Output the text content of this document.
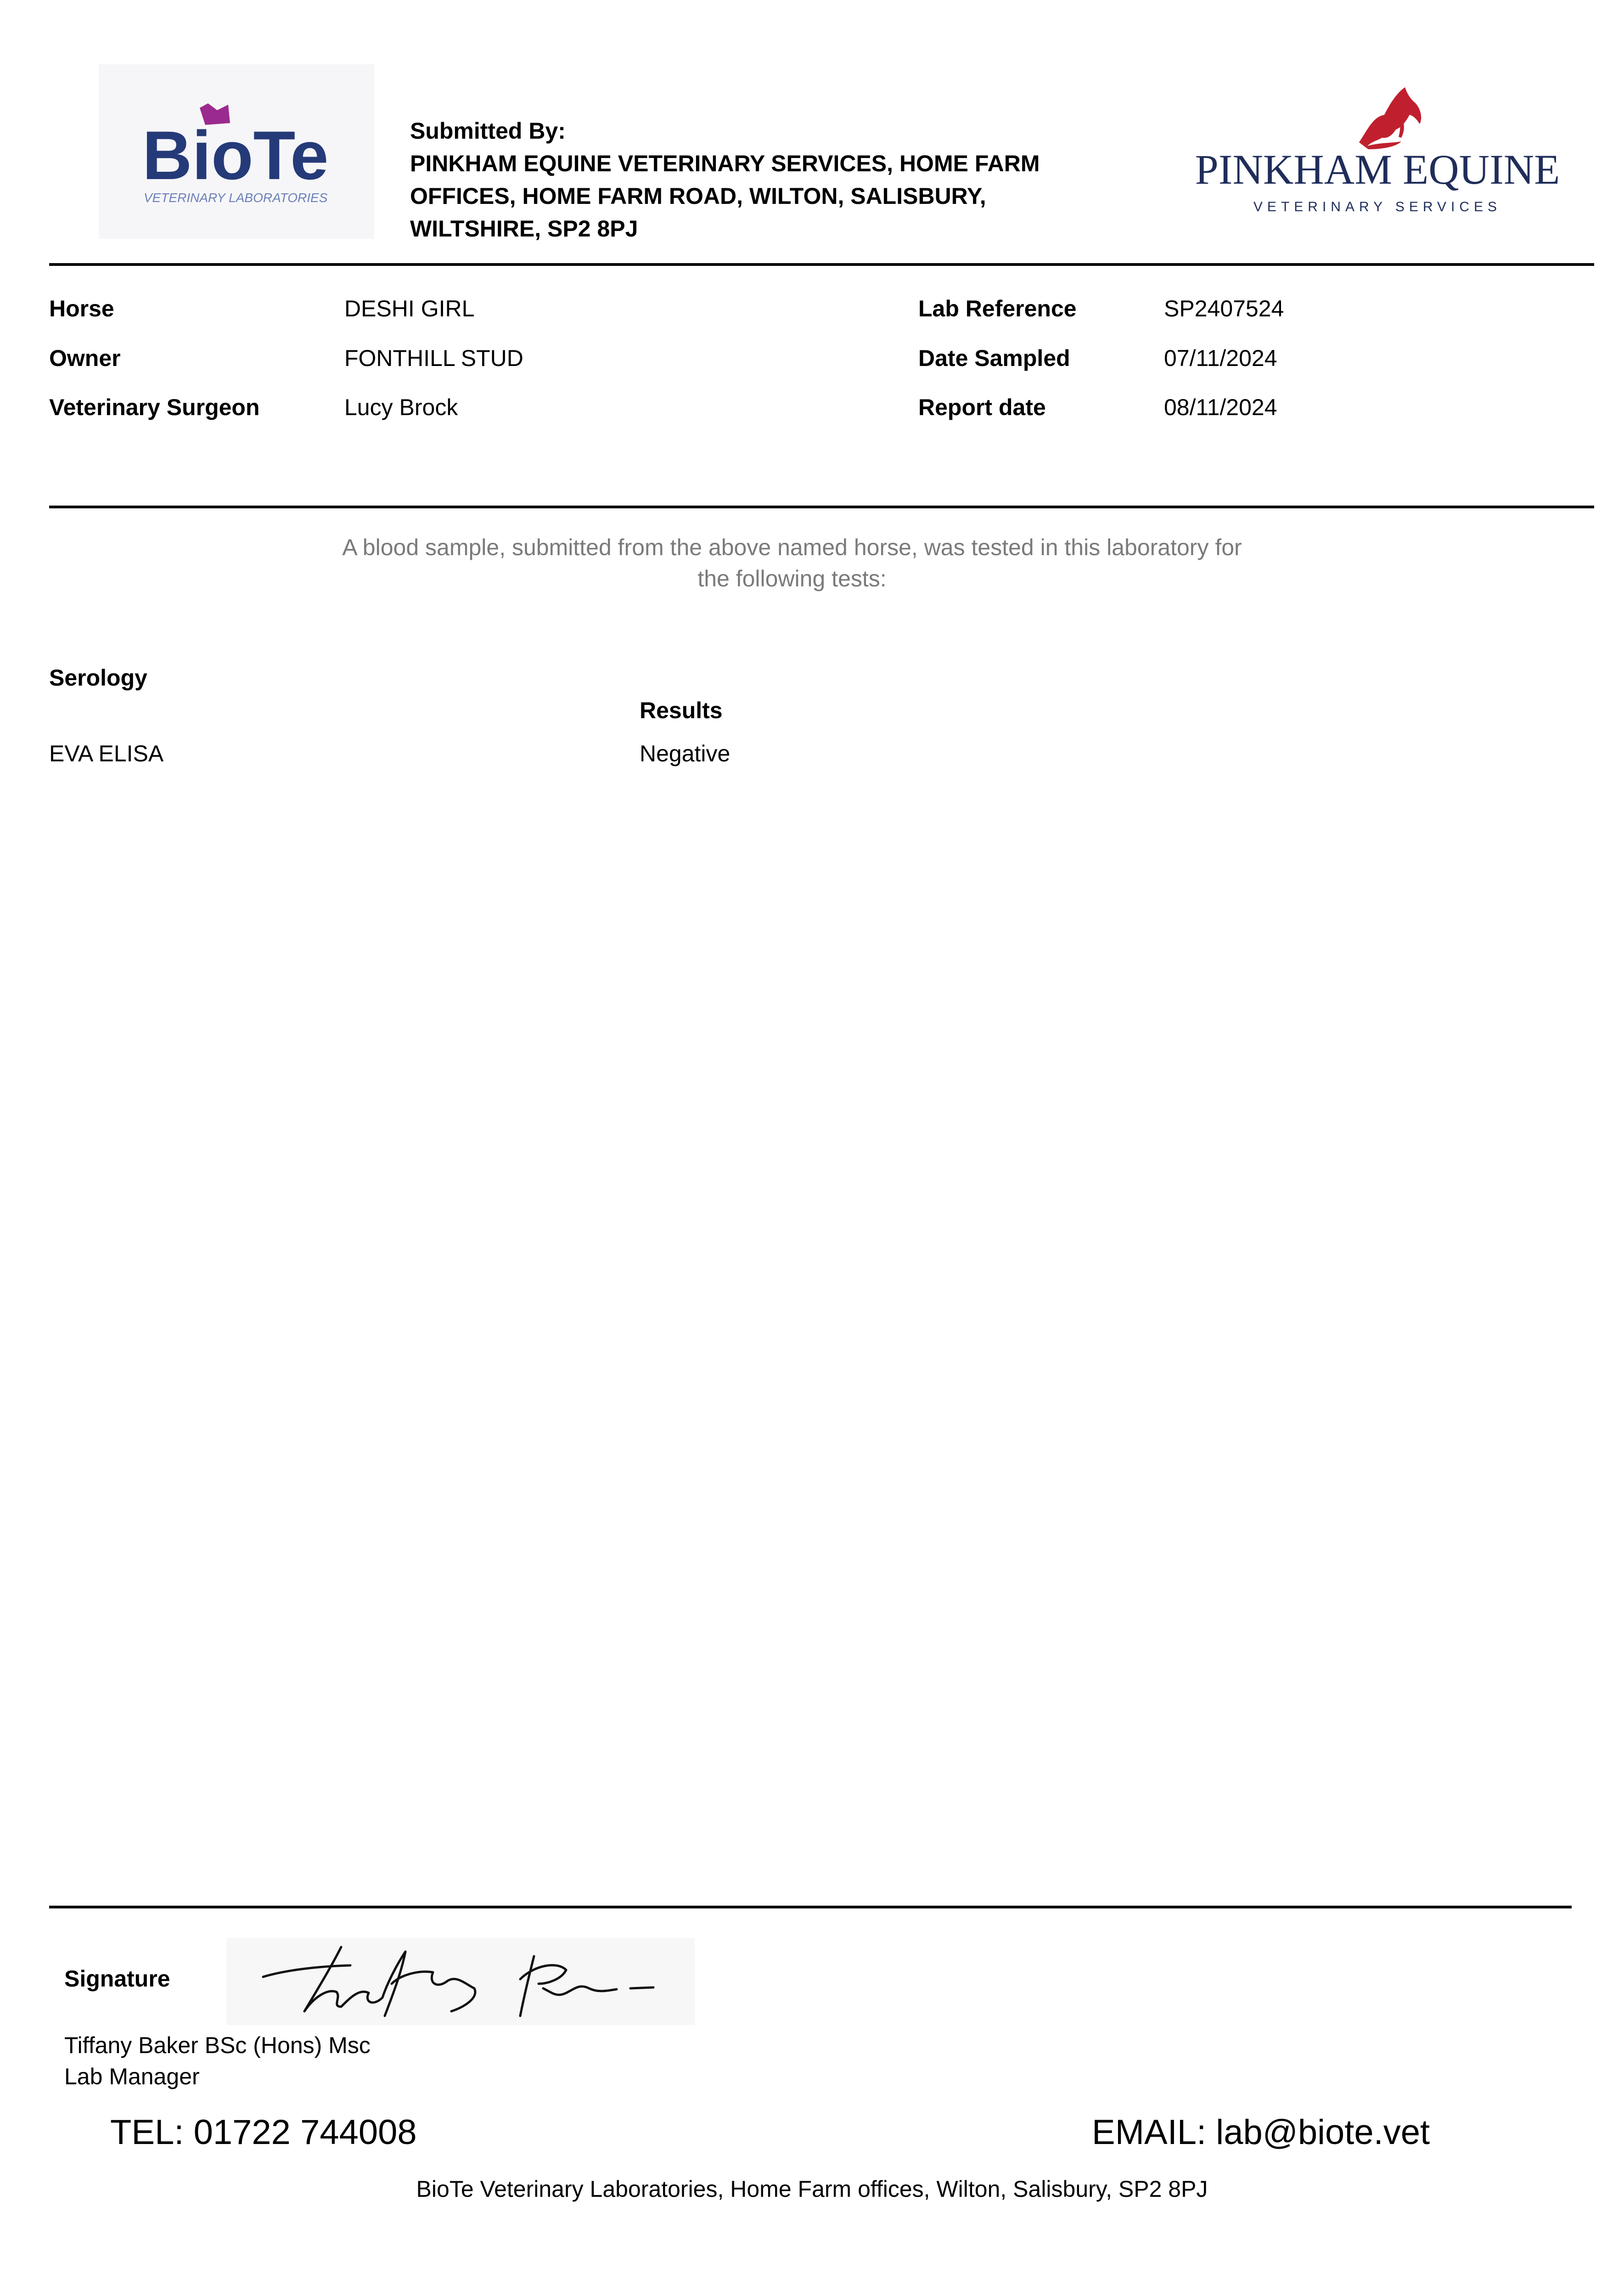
BioTe
VETERINARY LABORATORIES
Submitted By:
PINKHAM EQUINE VETERINARY SERVICES, HOME FARM
OFFICES, HOME FARM ROAD, WILTON, SALISBURY,
WILTSHIRE, SP2 8PJ
PINKHAM EQUINE
VETERINARY SERVICES
Horse	DESHI GIRL
Owner	FONTHILL STUD
Veterinary Surgeon	Lucy Brock
Lab Reference	SP2407524
Date Sampled	07/11/2024
Report date	08/11/2024
A blood sample, submitted from the above named horse, was tested in this laboratory for
the following tests:
Serology
Results
EVA ELISA	Negative
Signature
Tiffany Baker BSc (Hons) Msc
Lab Manager
TEL: 01722 744008	EMAIL: lab@biote.vet
BioTe Veterinary Laboratories, Home Farm offices, Wilton, Salisbury, SP2 8PJ
